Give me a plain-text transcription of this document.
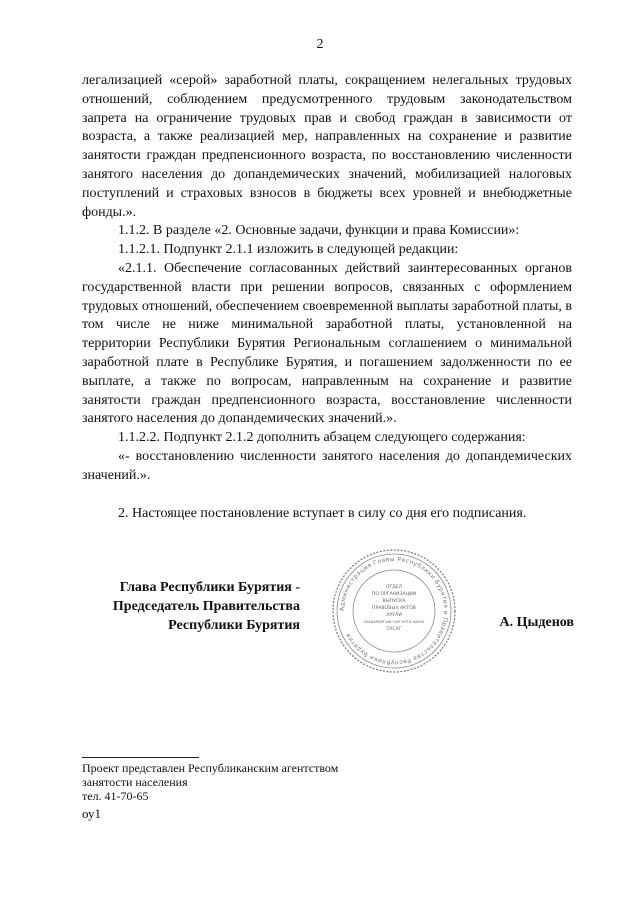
2

легализацией «серой» заработной платы, сокращением нелегальных трудовых отношений, соблюдением предусмотренного трудовым законодательством запрета на ограничение трудовых прав и свобод граждан в зависимости от возраста, а также реализацией мер, направленных на сохранение и развитие занятости граждан предпенсионного возраста, по восстановлению численности занятого населения до допандемических значений, мобилизацией налоговых поступлений и страховых взносов в бюджеты всех уровней и внебюджетные фонды.».

1.1.2. В разделе «2. Основные задачи, функции и права Комиссии»:

1.1.2.1. Подпункт 2.1.1 изложить в следующей редакции:

«2.1.1. Обеспечение согласованных действий заинтересованных органов государственной власти при решении вопросов, связанных с оформлением трудовых отношений, обеспечением своевременной выплаты заработной платы, в том числе не ниже минимальной заработной платы, установленной на территории Республики Бурятия Региональным соглашением о минимальной заработной плате в Республике Бурятия, и погашением задолженности по ее выплате, а также по вопросам, направленным на сохранение и развитие занятости граждан предпенсионного возраста, восстановление численности занятого населения до допандемических значений.».

1.1.2.2. Подпункт 2.1.2 дополнить абзацем следующего содержания:

«- восстановлению численности занятого населения до допандемических значений.».

2. Настоящее постановление вступает в силу со дня его подписания.

Глава Республики Бурятия -
Председатель Правительства
Республики Бурятия
Администрация Главы Республики Бурятия и Правительства Республики Бурятия
ОТДЕЛ
ПО ОРГАНИЗАЦИИ
ВЫПУСКА
ПРАВОВЫХ АКТОВ
ХУУЛИ
ЗААБАРИЛГЫН ГАРГАЛГА ХАРАХ
ТАСАГ	А. Цыденов
Проект представлен Республиканским агентством
занятости населения
тел. 41-70-65
оу1
